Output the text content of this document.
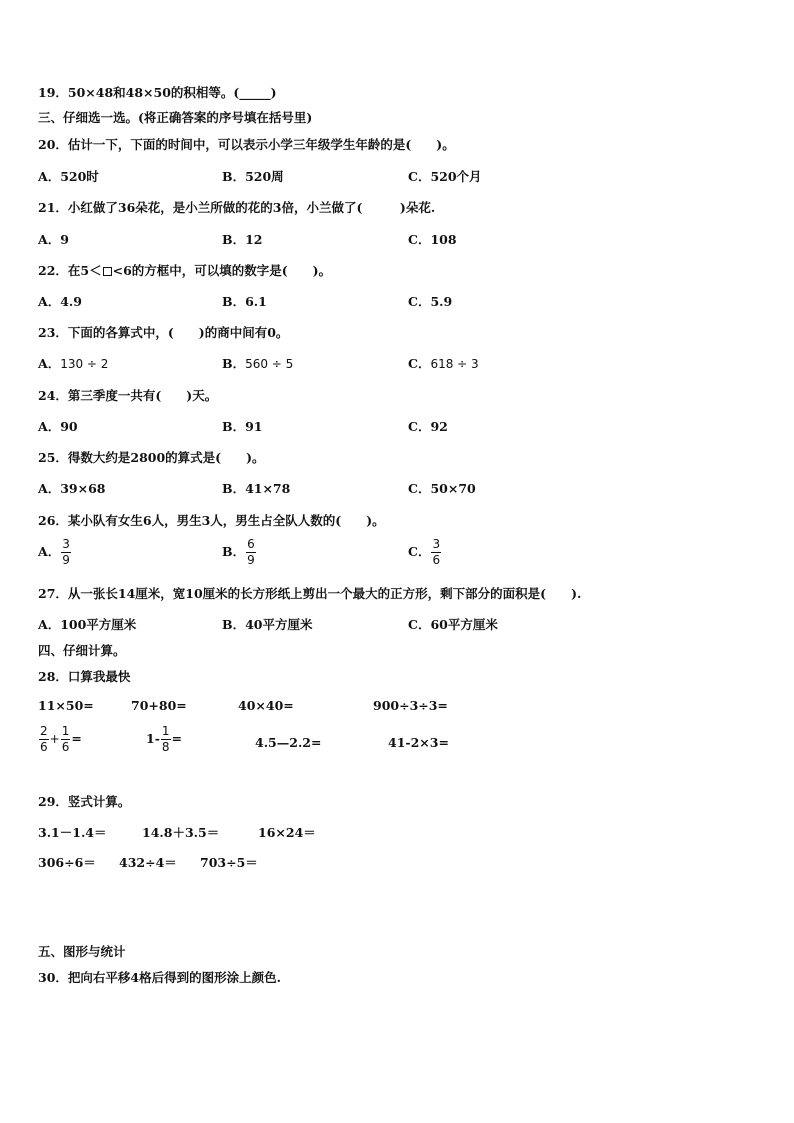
19．50×48和48×50的积相等。(_____)
三、仔细选一选。(将正确答案的序号填在括号里)
20．估计一下，下面的时间中，可以表示小学三年级学生年龄的是(　　)。
A．520时	B．520周	C．520个月
21．小红做了36朵花，是小兰所做的花的3倍，小兰做了(　　　)朵花.
A．9	B．12	C．108
22．在5＜ <6的方框中，可以填的数字是(　　)。
A．4.9	B．6.1	C．5.9
23．下面的各算式中，(　　)的商中间有0。
A．130 ÷ 2	B．560 ÷ 5	C．618 ÷ 3
24．第三季度一共有(　　)天。
A．90	B．91	C．92
25．得数大约是2800的算式是(　　)。
A．39×68	B．41×78	C．50×70
26．某小队有女生6人，男生3人，男生占全队人数的(　　)。
A． $\frac{3}{9}$	B． $\frac{6}{9}$	C． $\frac{3}{6}$
27．从一张长14厘米，宽10厘米的长方形纸上剪出一个最大的正方形，剩下部分的面积是(　　).
A．100平方厘米	B．40平方厘米	C．60平方厘米
四、仔细计算。
28．口算我最快
11×50=	70+80=	40×40=	900÷3÷3=
$\frac{2}{6} + \frac{1}{6}$ =	$1- \frac{1}{8}$ =	4.5—2.2=	41-2×3=
29．竖式计算。
3.1－1.4＝	14.8＋3.5＝	16×24＝
306÷6＝ 432÷4＝ 703÷5＝
五、图形与统计
30．把向右平移4格后得到的图形涂上颜色.
